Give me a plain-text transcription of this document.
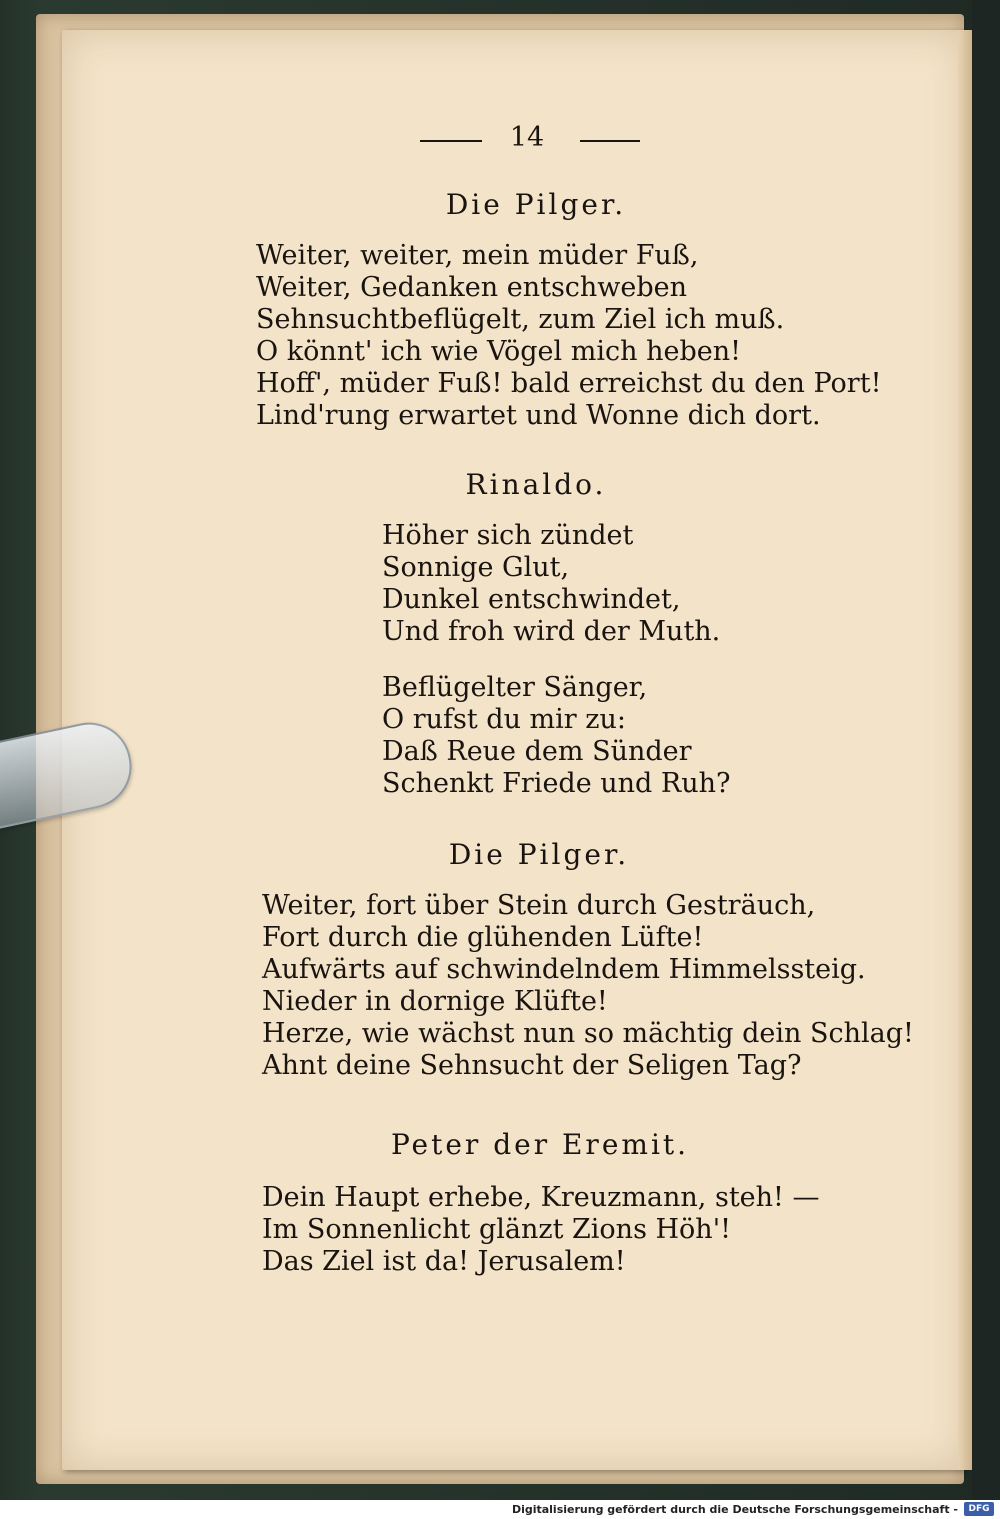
14
Die Pilger.
Weiter, weiter, mein müder Fuß,
Weiter, Gedanken entschweben
Sehnsuchtbeflügelt, zum Ziel ich muß.
O könnt' ich wie Vögel mich heben!
Hoff', müder Fuß! bald erreichst du den Port!
Lind'rung erwartet und Wonne dich dort.
Rinaldo.
Höher sich zündet
Sonnige Glut,
Dunkel entschwindet,
Und froh wird der Muth.
Beflügelter Sänger,
O rufst du mir zu:
Daß Reue dem Sünder
Schenkt Friede und Ruh?
Die Pilger.
Weiter, fort über Stein durch Gesträuch,
Fort durch die glühenden Lüfte!
Aufwärts auf schwindelndem Himmelssteig.
Nieder in dornige Klüfte!
Herze, wie wächst nun so mächtig dein Schlag!
Ahnt deine Sehnsucht der Seligen Tag?
Peter der Eremit.
Dein Haupt erhebe, Kreuzmann, steh! —
Im Sonnenlicht glänzt Zions Höh'!
Das Ziel ist da! Jerusalem!
Digitalisierung gefördert durch die Deutsche Forschungsgemeinschaft -	DFG
